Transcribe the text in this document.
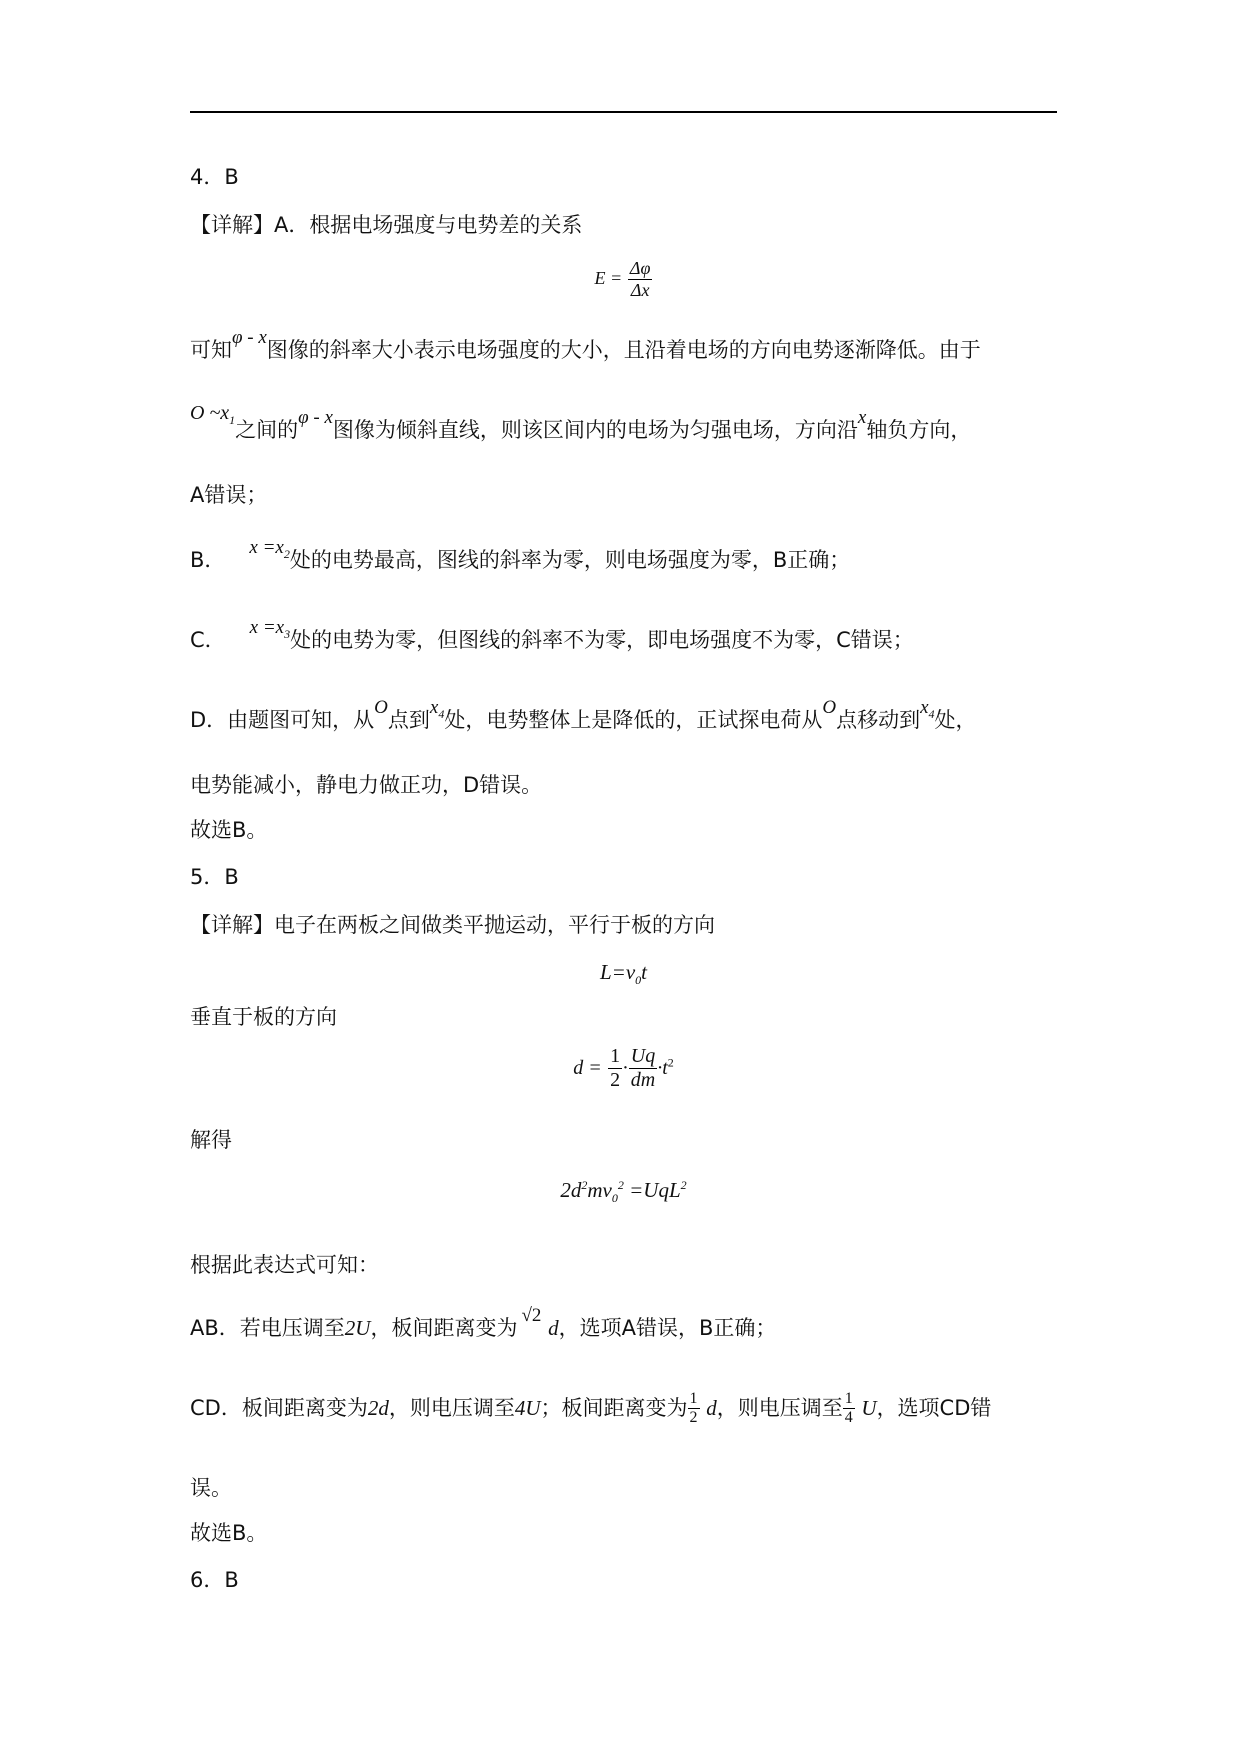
4．B
【详解】A．根据电场强度与电势差的关系
$E = \frac{\Delta\varphi}{\Delta x}$
可知φ - x图像的斜率大小表示电场强度的大小，且沿着电场的方向电势逐渐降低。由于
O $\sim x_1$之间的φ - x图像为倾斜直线，则该区间内的电场为匀强电场，方向沿x轴负方向，
A错误；
B．$x =x_2$处的电势最高，图线的斜率为零，则电场强度为零，B正确；
C．$x =x_3$处的电势为零，但图线的斜率不为零，即电场强度不为零，C错误；
D．由题图可知，从O点到$x_4$处，电势整体上是降低的，正试探电荷从O点移动到$x_4$处，
电势能减小，静电力做正功，D错误。
故选B。
5．B
【详解】电子在两板之间做类平抛运动，平行于板的方向
$L=v_0t$
垂直于板的方向
$d = \frac{1}{2} \cdot \frac{Uq}{dm} \cdot t^2$
解得
$2d^2mv_0^2 =UqL^2$
根据此表达式可知：
AB．若电压调至2U，板间距离变为√2 d，选项A错误，B正确；
CD．板间距离变为2d，则电压调至4U；板间距离变为 $\frac{1}{2}$ d，则电压调至 $\frac{1}{4}$ U，选项CD错
误。
故选B。
6．B
